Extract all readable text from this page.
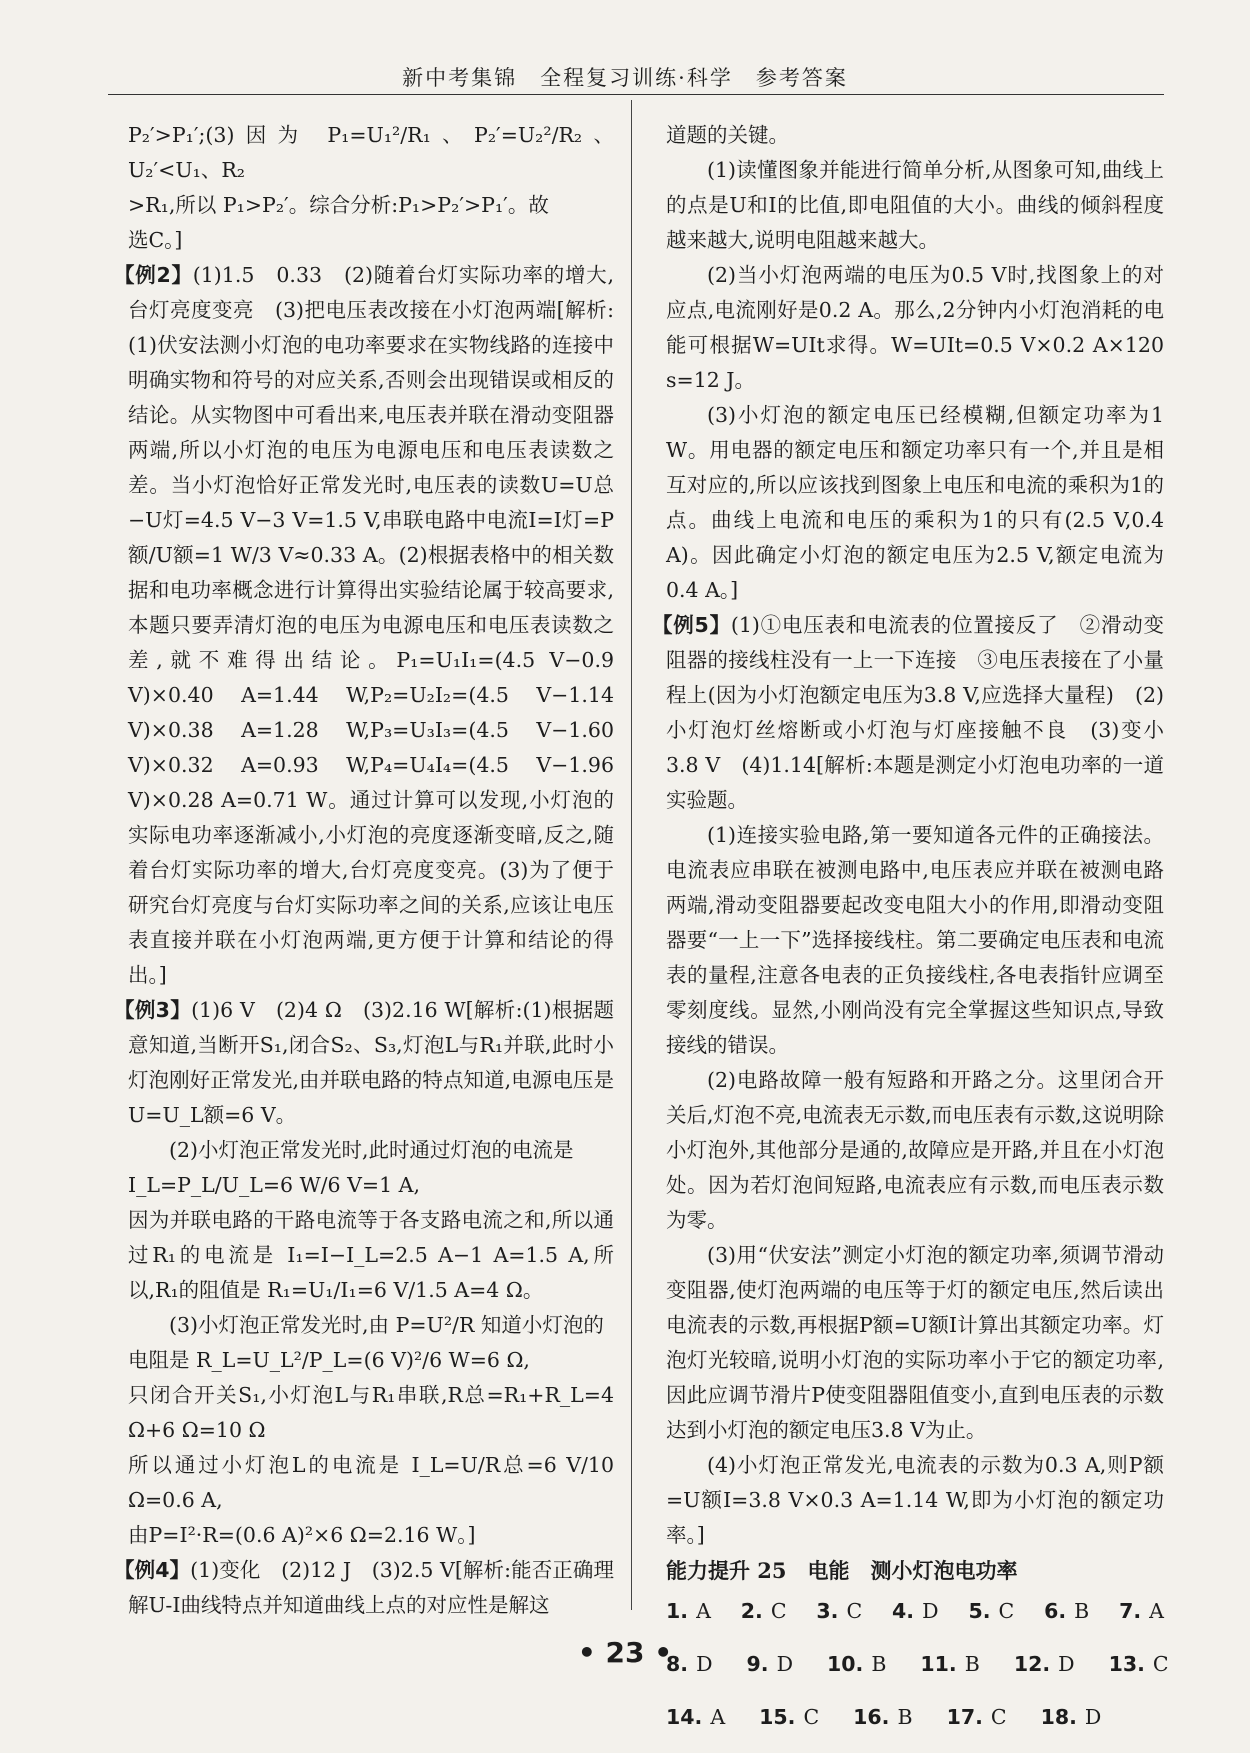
新中考集锦　全程复习训练·科学　参考答案

P₂′>P₁′;(3)因为 P₁=U₁²/R₁、P₂′=U₂²/R₂、U₂′<U₁、R₂

>R₁,所以 P₁>P₂′。综合分析:P₁>P₂′>P₁′。故

选C。]

【例2】(1)1.5　0.33　(2)随着台灯实际功率的增大,台灯亮度变亮　(3)把电压表改接在小灯泡两端[解析:(1)伏安法测小灯泡的电功率要求在实物线路的连接中明确实物和符号的对应关系,否则会出现错误或相反的结论。从实物图中可看出来,电压表并联在滑动变阻器两端,所以小灯泡的电压为电源电压和电压表读数之差。当小灯泡恰好正常发光时,电压表的读数U=U总−U灯=4.5 V−3 V=1.5 V,串联电路中电流I=I灯=P额/U额=1 W/3 V≈0.33 A。(2)根据表格中的相关数据和电功率概念进行计算得出实验结论属于较高要求,本题只要弄清灯泡的电压为电源电压和电压表读数之差,就不难得出结论。P₁=U₁I₁=(4.5 V−0.9 V)×0.40 A=1.44 W,P₂=U₂I₂=(4.5 V−1.14 V)×0.38 A=1.28 W,P₃=U₃I₃=(4.5 V−1.60 V)×0.32 A=0.93 W,P₄=U₄I₄=(4.5 V−1.96 V)×0.28 A=0.71 W。通过计算可以发现,小灯泡的实际电功率逐渐减小,小灯泡的亮度逐渐变暗,反之,随着台灯实际功率的增大,台灯亮度变亮。(3)为了便于研究台灯亮度与台灯实际功率之间的关系,应该让电压表直接并联在小灯泡两端,更方便于计算和结论的得出。]

【例3】(1)6 V　(2)4 Ω　(3)2.16 W[解析:(1)根据题意知道,当断开S₁,闭合S₂、S₃,灯泡L与R₁并联,此时小灯泡刚好正常发光,由并联电路的特点知道,电源电压是U=U_L额=6 V。

(2)小灯泡正常发光时,此时通过灯泡的电流是

I_L=P_L/U_L=6 W/6 V=1 A,

因为并联电路的干路电流等于各支路电流之和,所以通过R₁的电流是 I₁=I−I_L=2.5 A−1 A=1.5 A,所以,R₁的阻值是 R₁=U₁/I₁=6 V/1.5 A=4 Ω。

(3)小灯泡正常发光时,由 P=U²/R 知道小灯泡的

电阻是 R_L=U_L²/P_L=(6 V)²/6 W=6 Ω,

只闭合开关S₁,小灯泡L与R₁串联,R总=R₁+R_L=4 Ω+6 Ω=10 Ω

所以通过小灯泡L的电流是 I_L=U/R总=6 V/10 Ω=0.6 A,

由P=I²·R=(0.6 A)²×6 Ω=2.16 W。]

【例4】(1)变化　(2)12 J　(3)2.5 V[解析:能否正确理解U-I曲线特点并知道曲线上点的对应性是解这

道题的关键。

(1)读懂图象并能进行简单分析,从图象可知,曲线上的点是U和I的比值,即电阻值的大小。曲线的倾斜程度越来越大,说明电阻越来越大。

(2)当小灯泡两端的电压为0.5 V时,找图象上的对应点,电流刚好是0.2 A。那么,2分钟内小灯泡消耗的电能可根据W=UIt求得。W=UIt=0.5 V×0.2 A×120 s=12 J。

(3)小灯泡的额定电压已经模糊,但额定功率为1 W。用电器的额定电压和额定功率只有一个,并且是相互对应的,所以应该找到图象上电压和电流的乘积为1的点。曲线上电流和电压的乘积为1的只有(2.5 V,0.4 A)。因此确定小灯泡的额定电压为2.5 V,额定电流为0.4 A。]

【例5】(1)①电压表和电流表的位置接反了　②滑动变阻器的接线柱没有一上一下连接　③电压表接在了小量程上(因为小灯泡额定电压为3.8 V,应选择大量程)　(2)小灯泡灯丝熔断或小灯泡与灯座接触不良　(3)变小　3.8 V　(4)1.14[解析:本题是测定小灯泡电功率的一道实验题。

(1)连接实验电路,第一要知道各元件的正确接法。电流表应串联在被测电路中,电压表应并联在被测电路两端,滑动变阻器要起改变电阻大小的作用,即滑动变阻器要“一上一下”选择接线柱。第二要确定电压表和电流表的量程,注意各电表的正负接线柱,各电表指针应调至零刻度线。显然,小刚尚没有完全掌握这些知识点,导致接线的错误。

(2)电路故障一般有短路和开路之分。这里闭合开关后,灯泡不亮,电流表无示数,而电压表有示数,这说明除小灯泡外,其他部分是通的,故障应是开路,并且在小灯泡处。因为若灯泡间短路,电流表应有示数,而电压表示数为零。

(3)用“伏安法”测定小灯泡的额定功率,须调节滑动变阻器,使灯泡两端的电压等于灯的额定电压,然后读出电流表的示数,再根据P额=U额I计算出其额定功率。灯泡灯光较暗,说明小灯泡的实际功率小于它的额定功率,因此应调节滑片P使变阻器阻值变小,直到电压表的示数达到小灯泡的额定电压3.8 V为止。

(4)小灯泡正常发光,电流表的示数为0.3 A,则P额=U额I=3.8 V×0.3 A=1.14 W,即为小灯泡的额定功率。]

能力提升 25　电能　测小灯泡电功率

1. A 2. C 3. C 4. D 5. C 6. B 7. A
8. D 9. D 10. B 11. B 12. D 13. C
14. A 15. C 16. B 17. C 18. D
• 23 •
